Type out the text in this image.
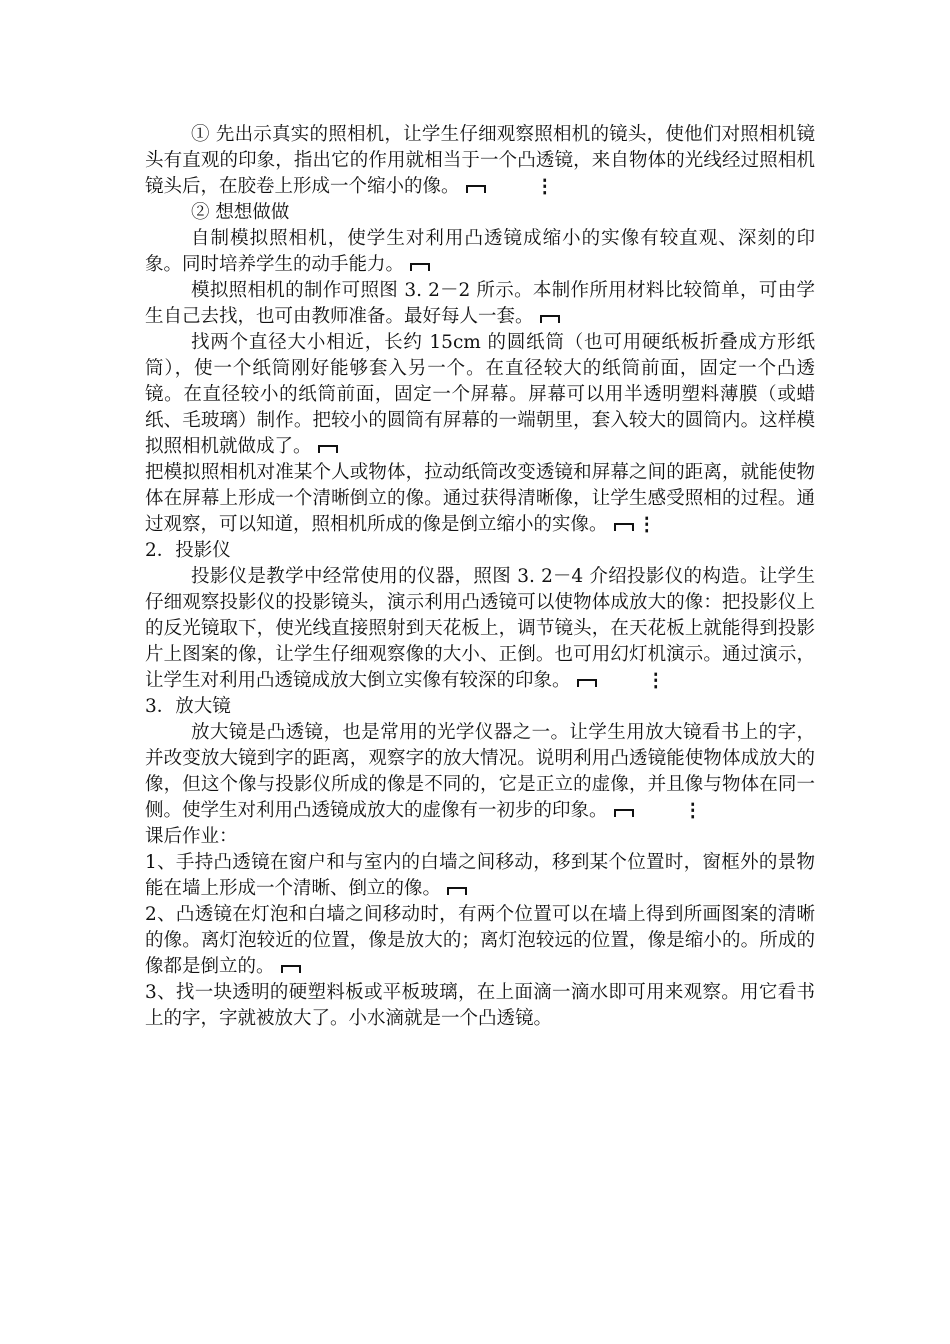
① 先出示真实的照相机，让学生仔细观察照相机的镜头，使他们对照相机镜头有直观的印象，指出它的作用就相当于一个凸透镜，来自物体的光线经过照相机镜头后，在胶卷上形成一个缩小的像。	⋮

② 想想做做

自制模拟照相机，使学生对利用凸透镜成缩小的实像有较直观、深刻的印象。同时培养学生的动手能力。

模拟照相机的制作可照图 3. 2－2 所示。本制作所用材料比较简单，可由学生自己去找，也可由教师准备。最好每人一套。

找两个直径大小相近，长约 15cm 的圆纸筒（也可用硬纸板折叠成方形纸筒），使一个纸筒刚好能够套入另一个。在直径较大的纸筒前面，固定一个凸透镜。在直径较小的纸筒前面，固定一个屏幕。屏幕可以用半透明塑料薄膜（或蜡纸、毛玻璃）制作。把较小的圆筒有屏幕的一端朝里，套入较大的圆筒内。这样模拟照相机就做成了。

把模拟照相机对准某个人或物体，拉动纸筒改变透镜和屏幕之间的距离，就能使物体在屏幕上形成一个清晰倒立的像。通过获得清晰像，让学生感受照相的过程。通过观察，可以知道，照相机所成的像是倒立缩小的实像。 ⋮

2．投影仪

投影仪是教学中经常使用的仪器，照图 3. 2－4 介绍投影仪的构造。让学生仔细观察投影仪的投影镜头，演示利用凸透镜可以使物体成放大的像：把投影仪上的反光镜取下，使光线直接照射到天花板上，调节镜头，在天花板上就能得到投影片上图案的像，让学生仔细观察像的大小、正倒。也可用幻灯机演示。通过演示，让学生对利用凸透镜成放大倒立实像有较深的印象。	⋮

3．放大镜

放大镜是凸透镜，也是常用的光学仪器之一。让学生用放大镜看书上的字，并改变放大镜到字的距离，观察字的放大情况。说明利用凸透镜能使物体成放大的像，但这个像与投影仪所成的像是不同的，它是正立的虚像，并且像与物体在同一侧。使学生对利用凸透镜成放大的虚像有一初步的印象。	⋮

课后作业：

1、手持凸透镜在窗户和与室内的白墙之间移动，移到某个位置时，窗框外的景物能在墙上形成一个清晰、倒立的像。

2、凸透镜在灯泡和白墙之间移动时，有两个位置可以在墙上得到所画图案的清晰的像。离灯泡较近的位置，像是放大的；离灯泡较远的位置，像是缩小的。所成的像都是倒立的。

3、找一块透明的硬塑料板或平板玻璃，在上面滴一滴水即可用来观察。用它看书上的字，字就被放大了。小水滴就是一个凸透镜。
